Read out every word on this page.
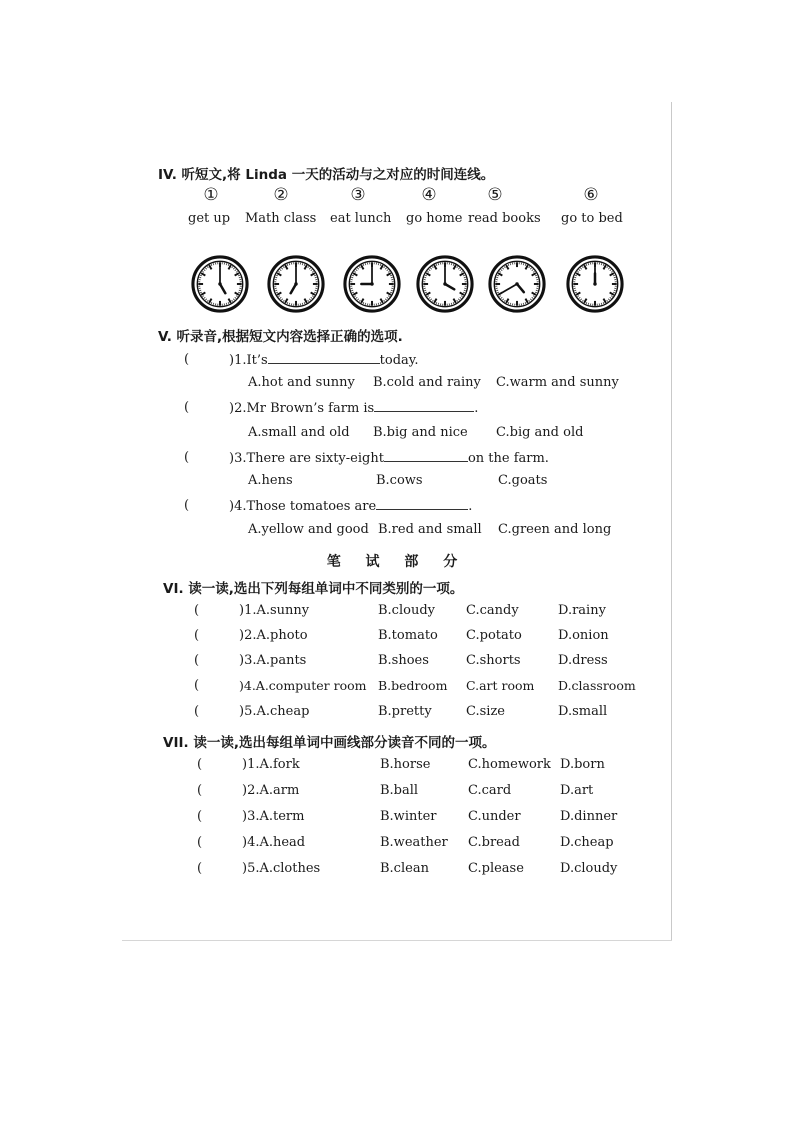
IV. 听短文,将 Linda 一天的活动与之对应的时间连线。
①	②	③	④	⑤	⑥
get up Math class eat lunch go home read books go to bed
V. 听录音,根据短文内容选择正确的选项.
(	)1.It’s	today.
A.hot and sunny B.cold and rainy C.warm and sunny
(	)2.Mr Brown’s farm is	.
A.small and old B.big and nice C.big and old
(	)3.There are sixty-eight	on the farm.
A.hens	B.cows	C.goats
(	)4.Those tomatoes are	.
A.yellow and good B.red and small C.green and long
笔 试 部 分
VI. 读一读,选出下列每组单词中不同类别的一项。
(	)1.A.sunny	B.cloudy C.candy	D.rainy
(	)2.A.photo	B.tomato C.potato	D.onion
(	)3.A.pants	B.shoes	C.shorts	D.dress
(	)4.A.computer room B.bedroom C.art room D.classroom
(	)5.A.cheap	B.pretty	C.size	D.small
VII. 读一读,选出每组单词中画线部分读音不同的一项。
(	)1.A.fork	B.horse	C.homework D.born
(	)2.A.arm	B.ball	C.card	D.art
(	)3.A.term	B.winter C.under	D.dinner
(	)4.A.head	B.weather C.bread	D.cheap
(	)5.A.clothes	B.clean	C.please	D.cloudy
